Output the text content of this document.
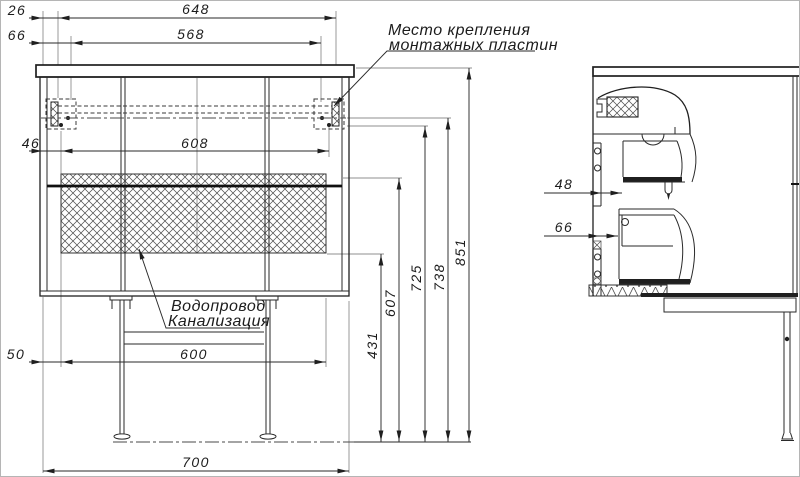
26	648
66	568
46	608
50	600
700
431
607
725 738
851
Место крепления
монтажных пластин
Водопровод
Канализация
48
66
